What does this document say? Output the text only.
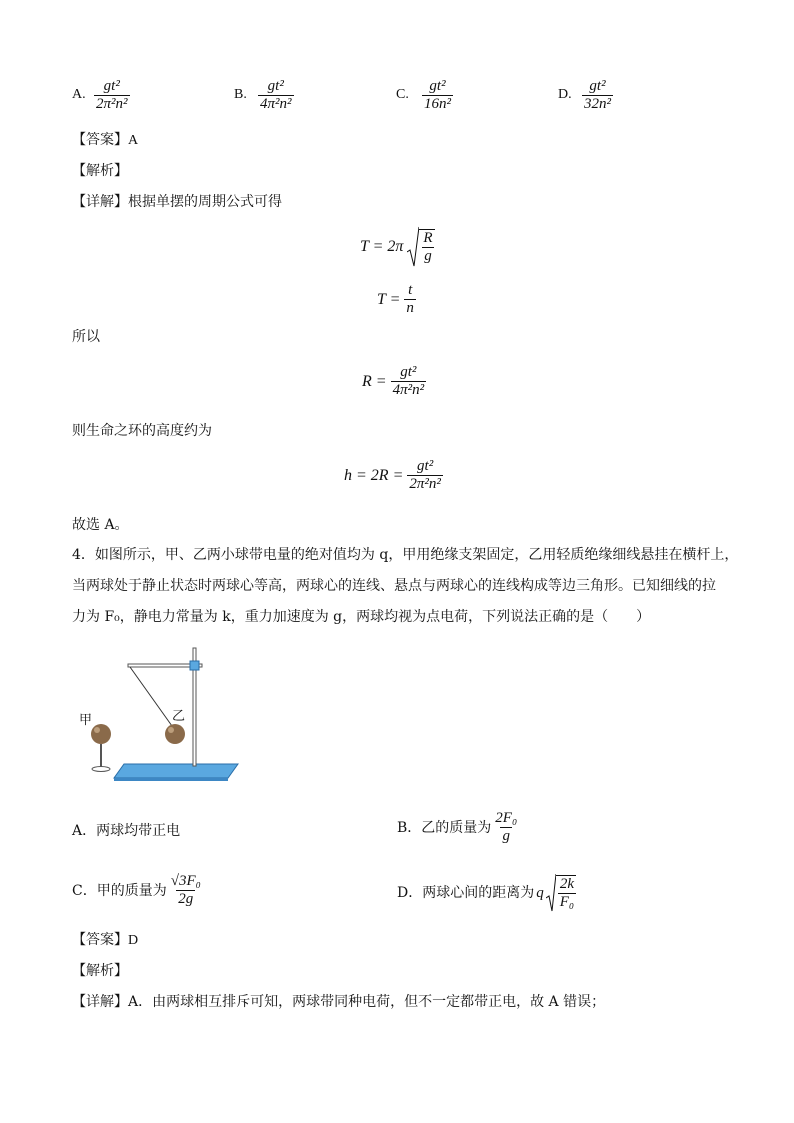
A. $\frac{\text{gt²}}{\text{2π²n²}}$	B. $\frac{\text{gt²}}{\text{4π²n²}}$	C. $\frac{\text{gt²}}{\text{16n²}}$	D. $\frac{\text{gt²}}{\text{32n²}}$
【答案】A
【解析】
【详解】根据单摆的周期公式可得
$T = 2\pi \frac{R}{g}$
$T = \frac{t}{n}$
所以
$R = \frac{\text{gt²}}{\text{4π²n²}}$
则生命之环的高度约为
$h = 2R = \frac{\text{gt²}}{\text{2π²n²}}$
故选 A。
4．如图所示，甲、乙两小球带电量的绝对值均为 q，甲用绝缘支架固定，乙用轻质绝缘细线悬挂在横杆上，
当两球处于静止状态时两球心等高，两球心的连线、悬点与两球心的连线构成等边三角形。已知细线的拉
力为 F₀，静电力常量为 k，重力加速度为 g，两球均视为点电荷，下列说法正确的是（　　）
甲	乙
A．两球均带正电	B．乙的质量为 $\frac{\text{2F₀}}{g}$
C．甲的质量为 $\frac{\text{√3F₀}}{2g}$	D．两球心间的距离为 q $\frac{2k}{\text{F₀}}$
【答案】D
【解析】
【详解】A．由两球相互排斥可知，两球带同种电荷，但不一定都带正电，故 A 错误；
